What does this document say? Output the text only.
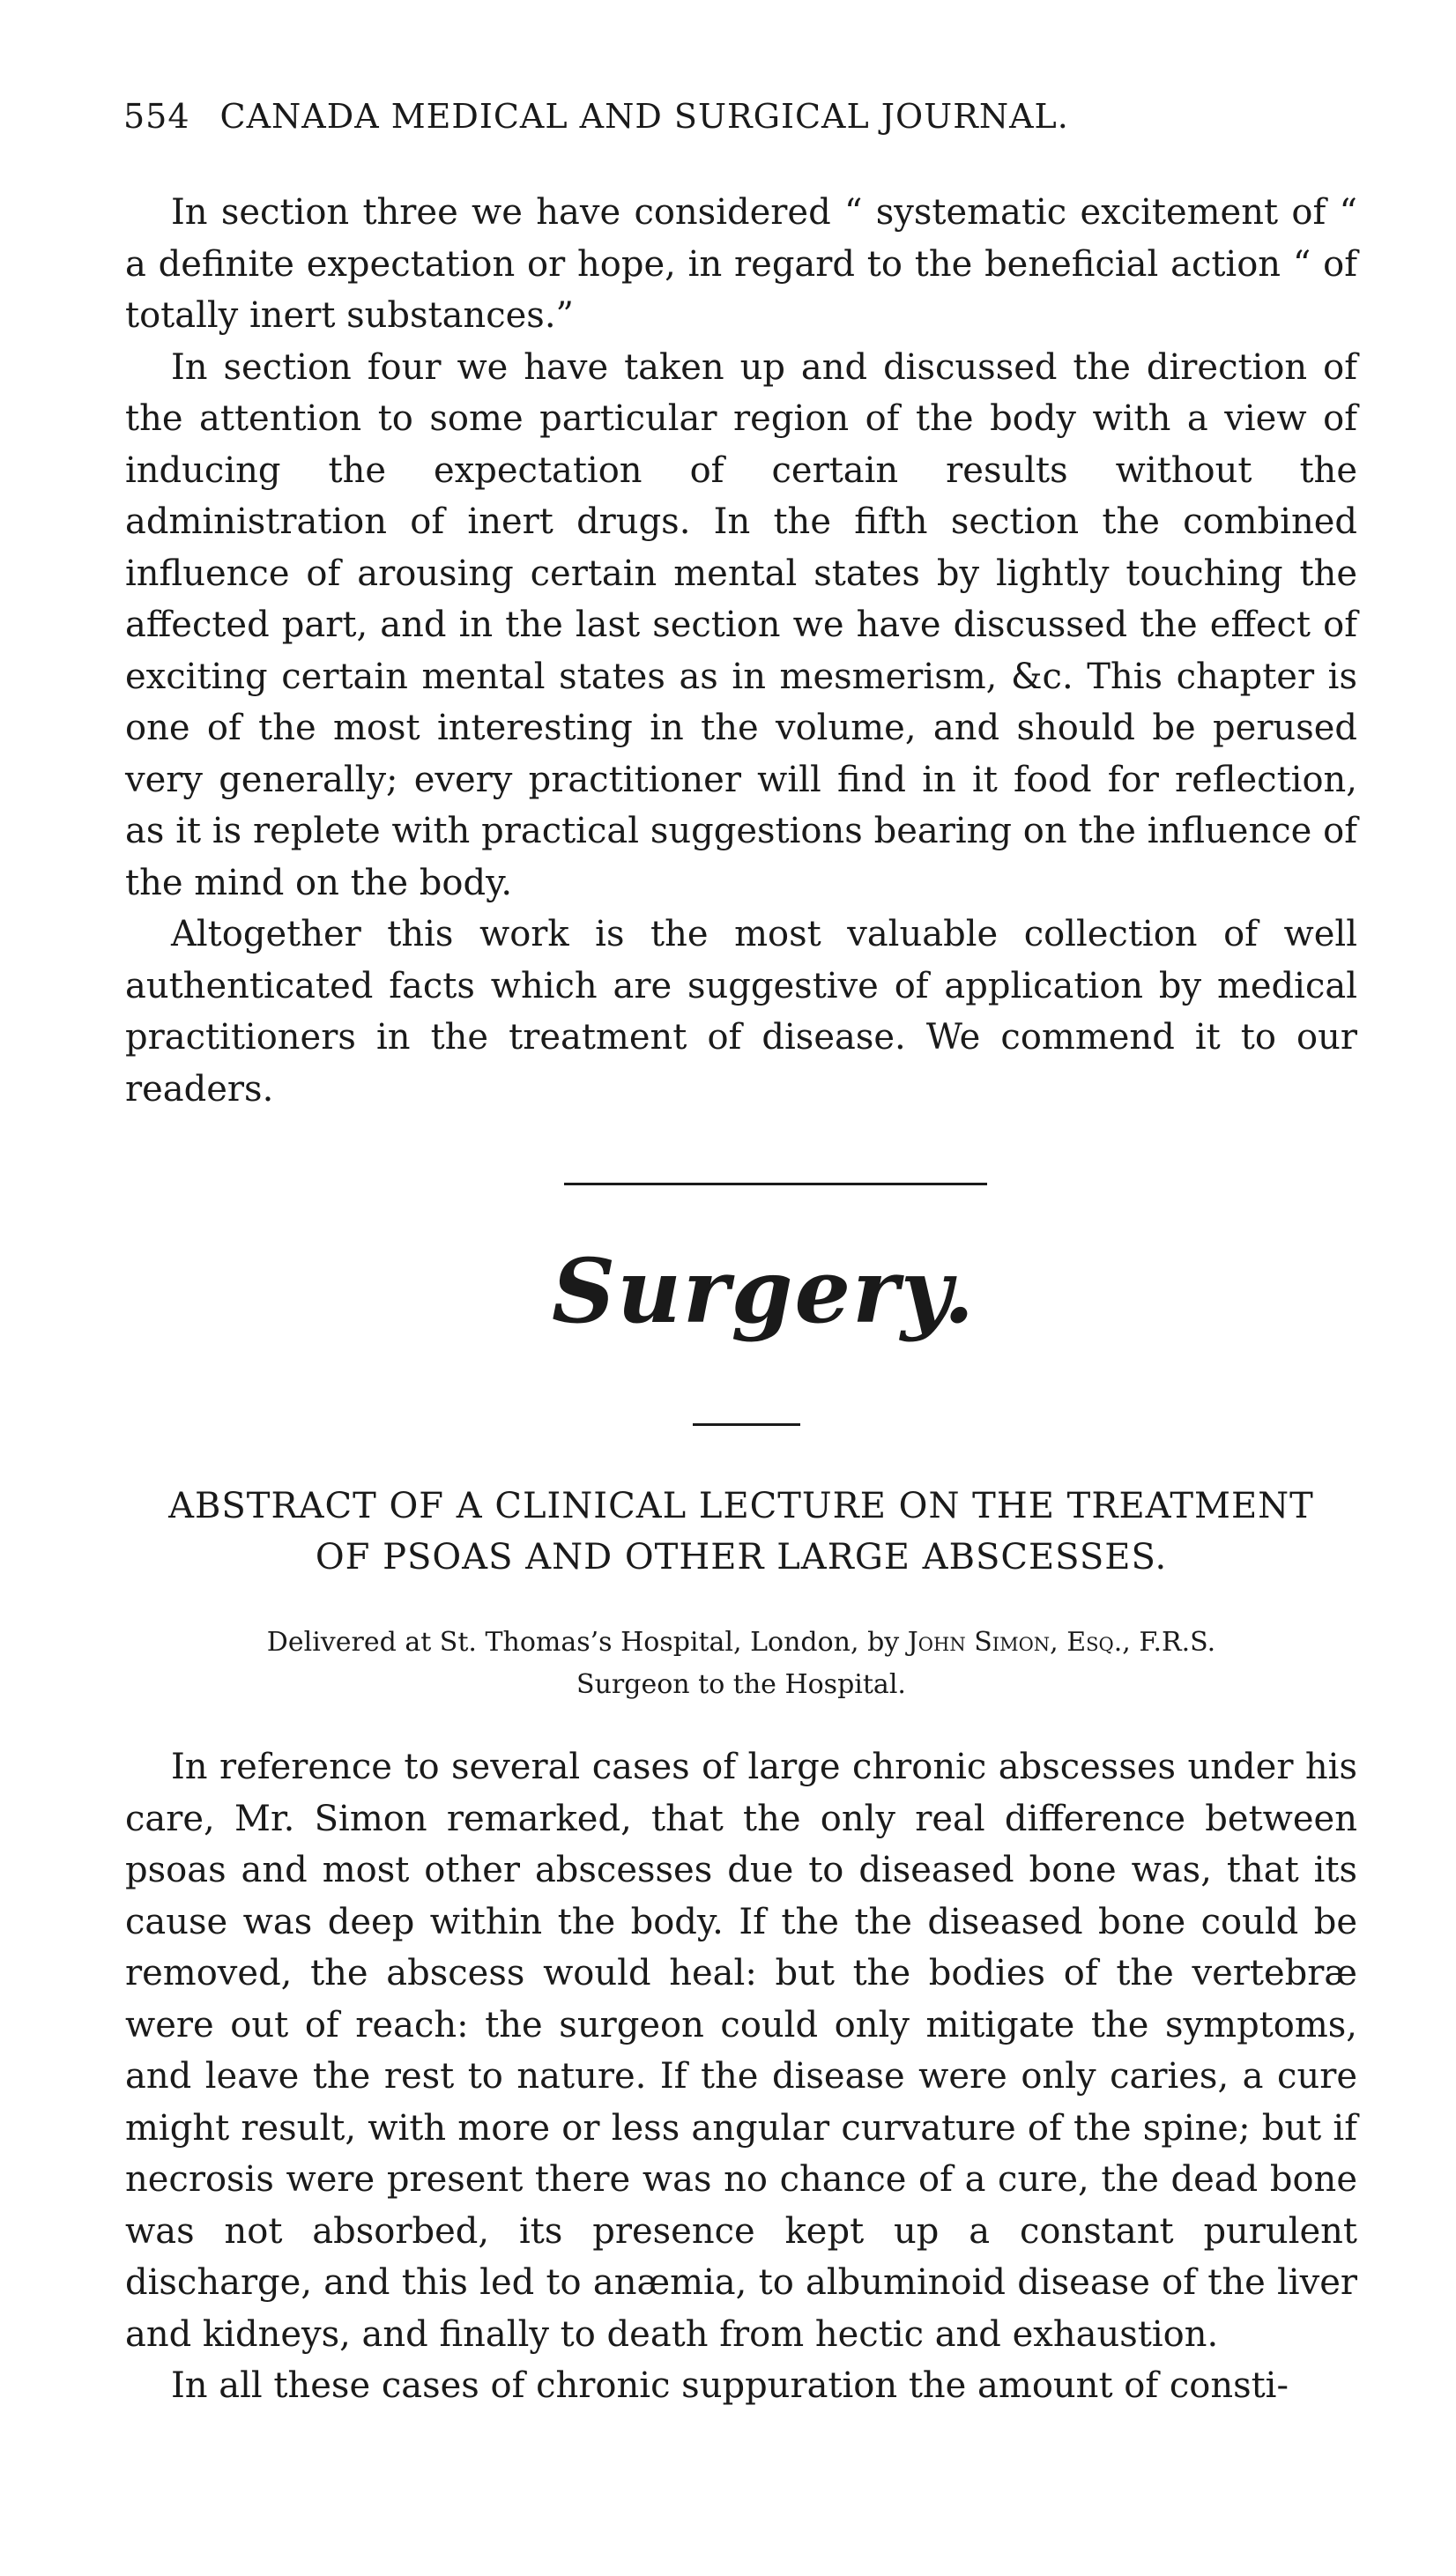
554 CANADA MEDICAL AND SURGICAL JOURNAL.

In section three we have considered “ systematic excitement of “ a definite expectation or hope, in regard to the beneficial action “ of totally inert substances.”

In section four we have taken up and discussed the direction of the attention to some particular region of the body with a view of inducing the expectation of certain results without the administration of inert drugs. In the fifth section the combined influence of arousing certain mental states by lightly touching the affected part, and in the last section we have discussed the effect of exciting certain mental states as in mesmerism, &c. This chapter is one of the most interesting in the volume, and should be perused very generally; every practitioner will find in it food for reflection, as it is replete with practical suggestions bearing on the influence of the mind on the body.

Altogether this work is the most valuable collection of well authenticated facts which are suggestive of application by medical practitioners in the treatment of disease. We commend it to our readers.

Surgery.
ABSTRACT OF A CLINICAL LECTURE ON THE TREATMENT
OF PSOAS AND OTHER LARGE ABSCESSES.
Delivered at St. Thomas’s Hospital, London, by John Simon, Esq., F.R.S.
Surgeon to the Hospital.

In reference to several cases of large chronic abscesses under his care, Mr. Simon remarked, that the only real difference between psoas and most other abscesses due to diseased bone was, that its cause was deep within the body. If the the diseased bone could be removed, the abscess would heal: but the bodies of the vertebræ were out of reach: the surgeon could only mitigate the symptoms, and leave the rest to nature. If the disease were only caries, a cure might result, with more or less angular curvature of the spine; but if necrosis were present there was no chance of a cure, the dead bone was not absorbed, its presence kept up a constant purulent discharge, and this led to anæmia, to albuminoid disease of the liver and kidneys, and finally to death from hectic and exhaustion.

In all these cases of chronic suppuration the amount of consti-
